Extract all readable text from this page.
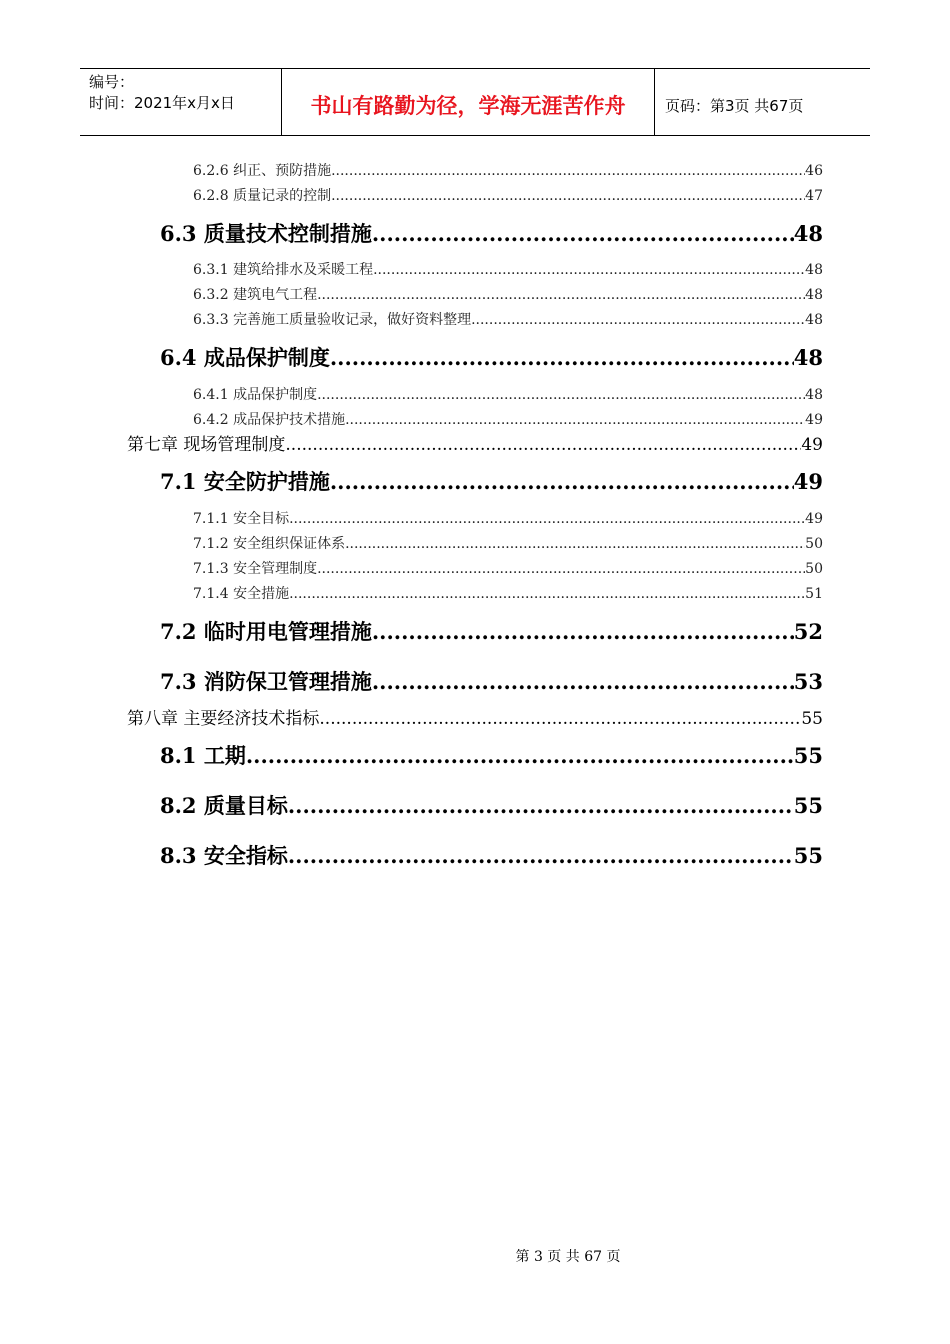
编号：
时间：2021年x月x日	书山有路勤为径，学海无涯苦作舟	页码：第3页 共67页
6.2.6 纠正、预防措施 .....	46
6.2.8 质量记录的控制 .....	47
6.3 质量技术控制措施 .....	48
6.3.1 建筑给排水及采暖工程 .....	48
6.3.2 建筑电气工程 .....	48
6.3.3 完善施工质量验收记录，做好资料整理 .....	48
6.4 成品保护制度 .....	48
6.4.1 成品保护制度 .....	48
6.4.2 成品保护技术措施 .....	49
第七章 现场管理制度 .....	49
7.1 安全防护措施 .....	49
7.1.1 安全目标 .....	49
7.1.2 安全组织保证体系 .....	50
7.1.3 安全管理制度 .....	50
7.1.4 安全措施 .....	51
7.2 临时用电管理措施 .....	52
7.3 消防保卫管理措施 .....	53
第八章 主要经济技术指标 .....	55
8.1 工期 .....	55
8.2 质量目标 .....	55
8.3 安全指标 .....	55
第 3 页 共 67 页
